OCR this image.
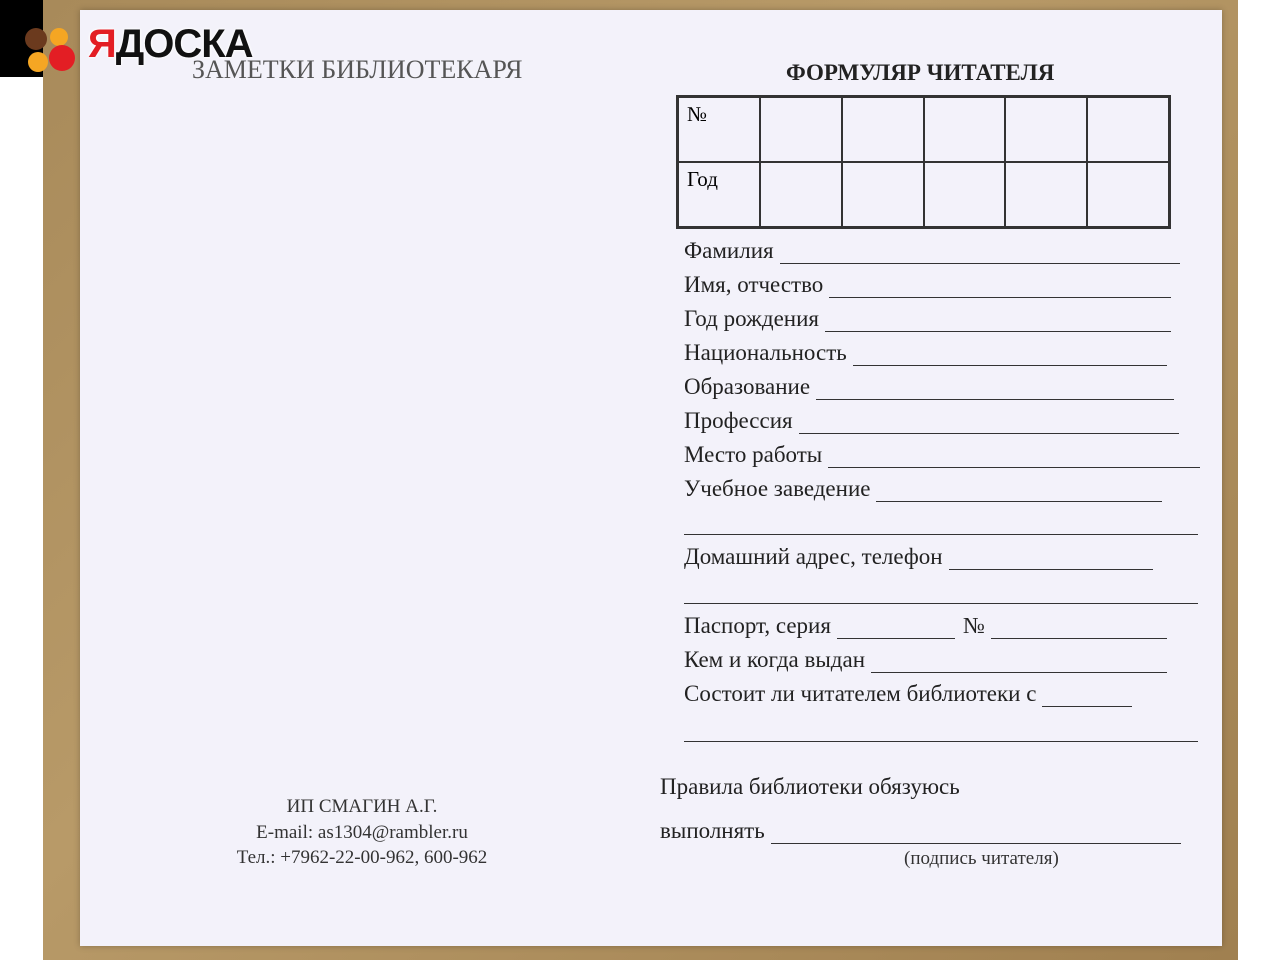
ЯДОСКА
ЗАМЕТКИ БИБЛИОТЕКАРЯ	ФОРМУЛЯР ЧИТАТЕЛЯ
№
Год
Фамилия
Имя, отчество
Год рождения
Национальность
Образование
Профессия
Место работы
Учебное заведение
Домашний адрес, телефон
Паспорт, серия	№
Кем и когда выдан
Состоит ли читателем библиотеки с
Правила библиотеки обязуюсь
выполнять
(подпись читателя)
ИП СМАГИН А.Г.
E-mail: as1304@rambler.ru
Тел.: +7962-22-00-962, 600-962
